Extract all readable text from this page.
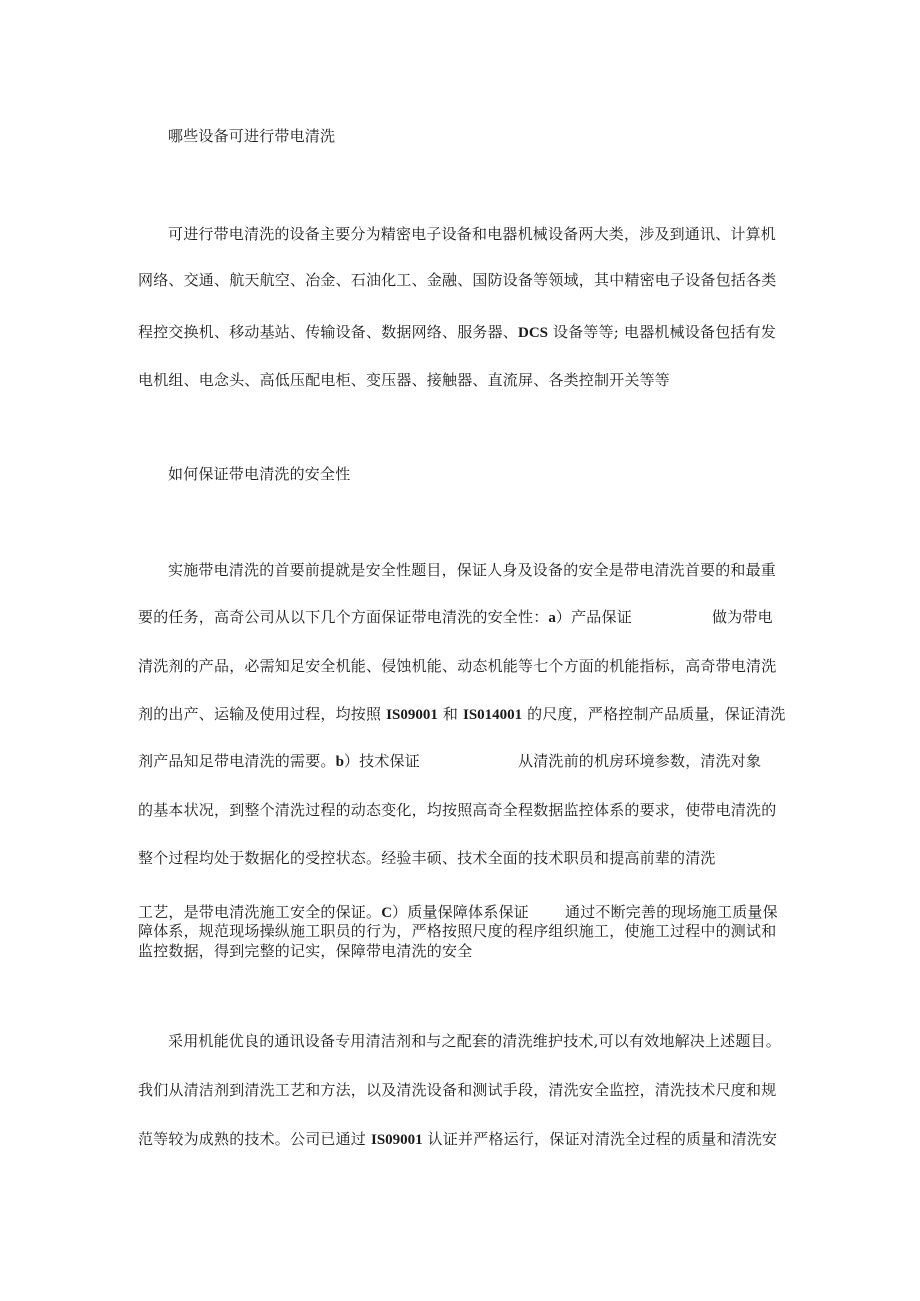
哪些设备可进行带电清洗
可进行带电清洗的设备主要分为精密电子设备和电器机械设备两大类，涉及到通讯、计算机
网络、交通、航天航空、冶金、石油化工、金融、国防设备等领域，其中精密电子设备包括各类
程控交换机、移动基站、传输设备、数据网络、服务器、DCS 设备等等; 电器机械设备包括有发
电机组、电念头、高低压配电柜、变压器、接触器、直流屏、各类控制开关等等
如何保证带电清洗的安全性
实施带电清洗的首要前提就是安全性题目，保证人身及设备的安全是带电清洗首要的和最重
要的任务，高奇公司从以下几个方面保证带电清洗的安全性：a）产品保证	做为带电
清洗剂的产品，必需知足安全机能、侵蚀机能、动态机能等七个方面的机能指标，高奇带电清洗
剂的出产、运输及使用过程，均按照 IS09001 和 IS014001 的尺度，严格控制产品质量，保证清洗
剂产品知足带电清洗的需要。b）技术保证	从清洗前的机房环境参数，清洗对象
的基本状况，到整个清洗过程的动态变化，均按照高奇全程数据监控体系的要求，使带电清洗的
整个过程均处于数据化的受控状态。经验丰硕、技术全面的技术职员和提高前辈的清洗
工艺，是带电清洗施工安全的保证。C）质量保障体系保证 通过不断完善的现场施工质量保
障体系，规范现场操纵施工职员的行为，严格按照尺度的程序组织施工，使施工过程中的测试和
监控数据，得到完整的记实，保障带电清洗的安全
采用机能优良的通讯设备专用清洁剂和与之配套的清洗维护技术,可以有效地解决上述题目。
我们从清洁剂到清洗工艺和方法，以及清洗设备和测试手段，清洗安全监控，清洗技术尺度和规
范等较为成熟的技术。公司已通过 IS09001 认证并严格运行，保证对清洗全过程的质量和清洗安
